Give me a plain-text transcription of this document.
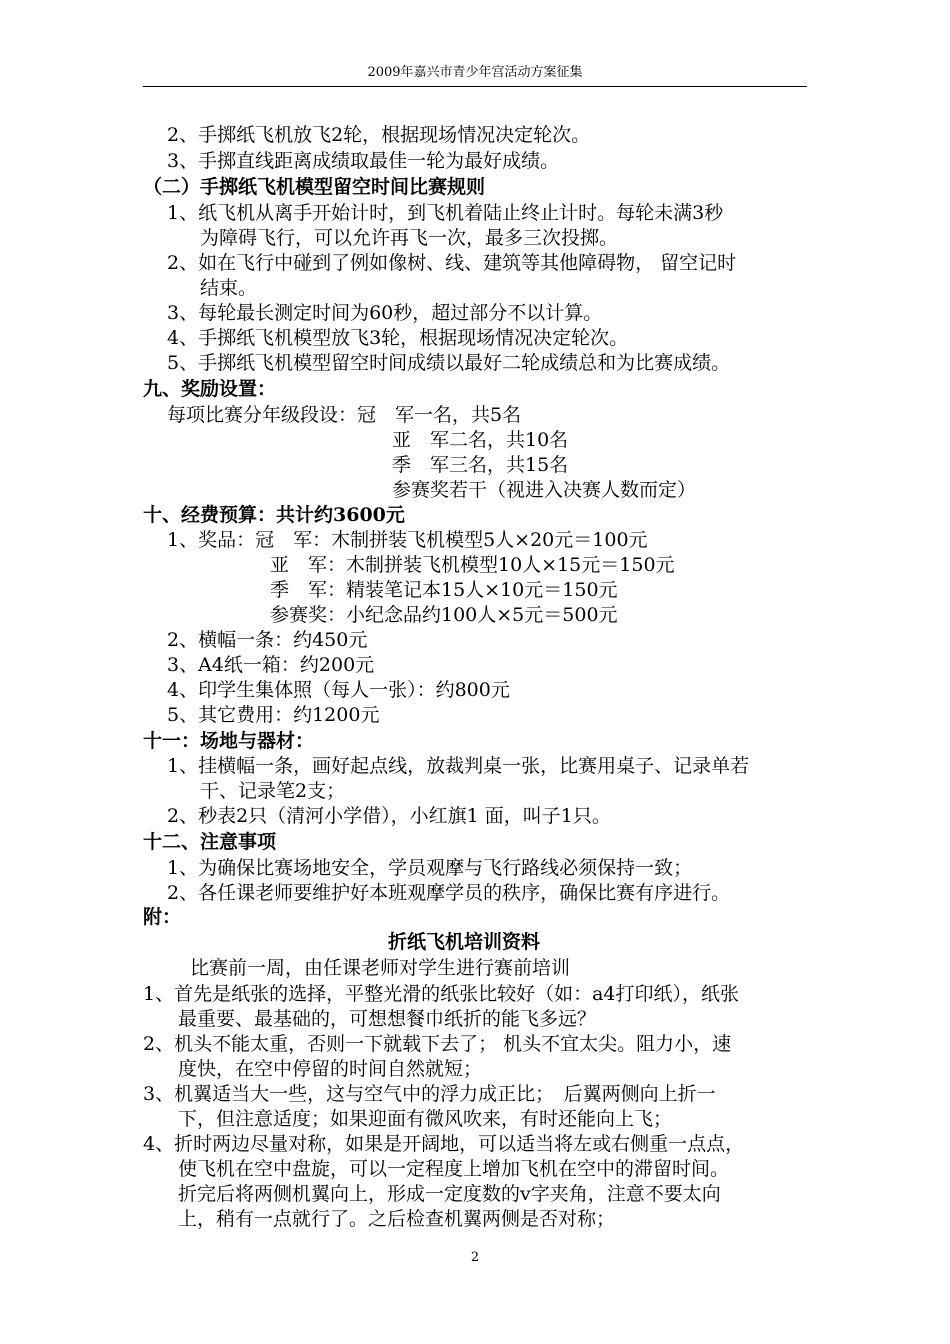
2009年嘉兴市青少年宫活动方案征集
2、手掷纸飞机放飞2轮，根据现场情况决定轮次。
3、手掷直线距离成绩取最佳一轮为最好成绩。
（二）手掷纸飞机模型留空时间比赛规则
1、纸飞机从离手开始计时，到飞机着陆止终止计时。每轮未满3秒
为障碍飞行，可以允许再飞一次，最多三次投掷。
2、如在飞行中碰到了例如像树、线、建筑等其他障碍物， 留空记时
结束。
3、每轮最长测定时间为60秒，超过部分不以计算。
4、手掷纸飞机模型放飞3轮，根据现场情况决定轮次。
5、手掷纸飞机模型留空时间成绩以最好二轮成绩总和为比赛成绩。
九、奖励设置：
每项比赛分年级段设：冠　军一名，共5名
亚　军二名，共10名
季　军三名，共15名
参赛奖若干（视进入决赛人数而定）
十、经费预算：共计约3600元
1、奖品：冠　军：木制拼装飞机模型5人×20元＝100元
亚　军：木制拼装飞机模型10人×15元＝150元
季　军：精装笔记本15人×10元＝150元
参赛奖：小纪念品约100人×5元＝500元
2、横幅一条：约450元
3、A4纸一箱：约200元
4、印学生集体照（每人一张）：约800元
5、其它费用：约1200元
十一：场地与器材：
1、挂横幅一条，画好起点线，放裁判桌一张，比赛用桌子、记录单若
干、记录笔2支；
2、秒表2只（清河小学借），小红旗1 面，叫子1只。
十二、注意事项
1、为确保比赛场地安全，学员观摩与飞行路线必须保持一致；
2、各任课老师要维护好本班观摩学员的秩序，确保比赛有序进行。
附：
折纸飞机培训资料
比赛前一周，由任课老师对学生进行赛前培训
1、首先是纸张的选择，平整光滑的纸张比较好（如：a4打印纸），纸张
最重要、最基础的，可想想餐巾纸折的能飞多远？
2、机头不能太重，否则一下就载下去了； 机头不宜太尖。阻力小，速
度快，在空中停留的时间自然就短；
3、机翼适当大一些，这与空气中的浮力成正比；　后翼两侧向上折一
下，但注意适度；如果迎面有微风吹来，有时还能向上飞；
4、折时两边尽量对称，如果是开阔地，可以适当将左或右侧重一点点，
使飞机在空中盘旋，可以一定程度上增加飞机在空中的滞留时间。
折完后将两侧机翼向上，形成一定度数的v字夹角，注意不要太向
上，稍有一点就行了。之后检查机翼两侧是否对称；
2
